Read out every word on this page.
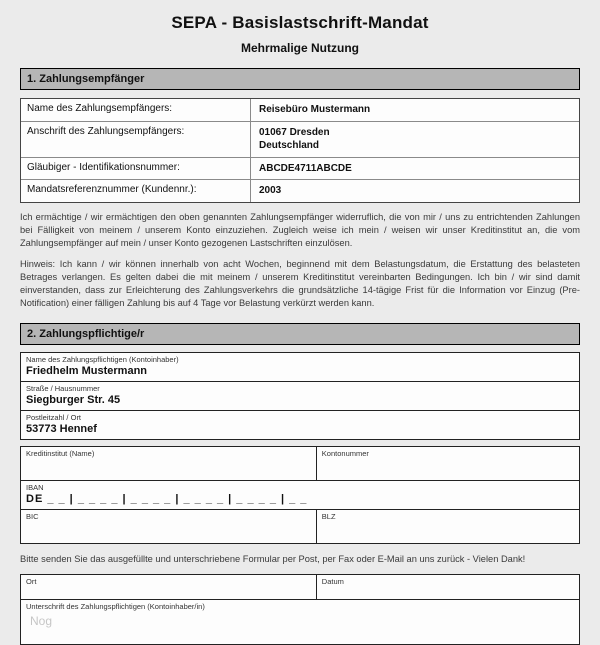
SEPA - Basislastschrift-Mandat
Mehrmalige Nutzung
1. Zahlungsempfänger
Name des Zahlungsempfängers:	Reisebüro Mustermann
Anschrift des Zahlungsempfängers:	01067 Dresden
Deutschland
Gläubiger - Identifikationsnummer:	ABCDE4711ABCDE
Mandatsreferenznummer (Kundennr.):	2003
Ich ermächtige / wir ermächtigen den oben genannten Zahlungsempfänger widerruflich, die von mir / uns zu entrichtenden Zahlungen bei Fälligkeit von meinem / unserem Konto einzuziehen. Zugleich weise ich mein / weisen wir unser Kreditinstitut an, die vom Zahlungsempfänger auf mein / unser Konto gezogenen Lastschriften einzulösen.
Hinweis: Ich kann / wir können innerhalb von acht Wochen, beginnend mit dem Belastungsdatum, die Erstattung des belasteten Betrages verlangen. Es gelten dabei die mit meinem / unserem Kreditinstitut vereinbarten Bedingungen. Ich bin / wir sind damit einverstanden, dass zur Erleichterung des Zahlungsverkehrs die grundsätzliche 14-tägige Frist für die Information vor Einzug (Pre-Notification) einer fälligen Zahlung bis auf 4 Tage vor Belastung verkürzt werden kann.
2. Zahlungspflichtige/r
Name des Zahlungspflichtigen (Kontoinhaber)
Friedhelm Mustermann
Straße / Hausnummer
Siegburger Str. 45
Postleitzahl / Ort
53773 Hennef
Kreditinstitut (Name)	Kontonummer
IBAN
DE _ _ | _ _ _ _ | _ _ _ _ | _ _ _ _ | _ _ _ _ | _ _
BIC	BLZ
Bitte senden Sie das ausgefüllte und unterschriebene Formular per Post, per Fax oder E-Mail an uns zurück - Vielen Dank!
Ort	Datum
Unterschrift des Zahlungspflichtigen (Kontoinhaber/in)
Nog
